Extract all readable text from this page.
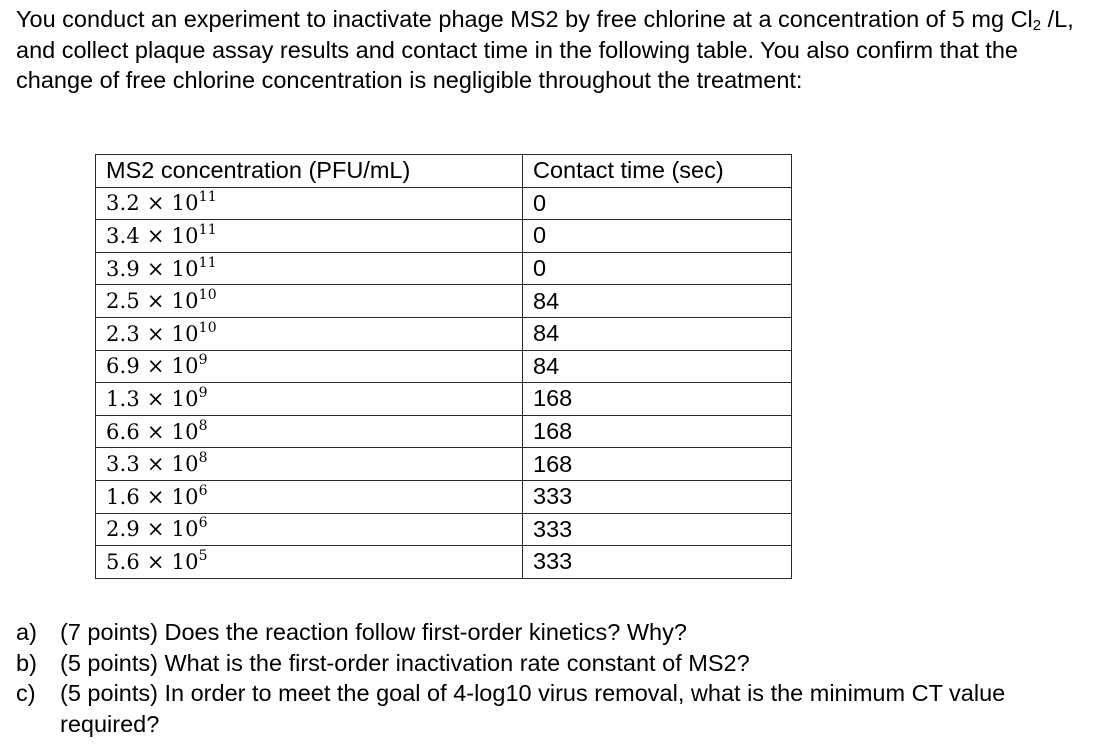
You conduct an experiment to inactivate phage MS2 by free chlorine at a concentration of 5 mg $Cl_2$ /L, and collect plaque assay results and contact time in the following table. You also confirm that the change of free chlorine concentration is negligible throughout the treatment:

MS2 concentration (PFU/mL)	Contact time (sec)
$3.2 \times 10^{11}$	0
$3.4 \times 10^{11}$	0
$3.9 \times 10^{11}$	0
$2.5 \times 10^{10}$	84
$2.3 \times 10^{10}$	84
$6.9 \times 10^9$	84
$1.3 \times 10^9$	168
$6.6 \times 10^8$	168
$3.3 \times 10^8$	168
$1.6 \times 10^6$	333
$2.9 \times 10^6$	333
$5.6 \times 10^5$	333
a) (7 points) Does the reaction follow first-order kinetics? Why?
b) (5 points) What is the first-order inactivation rate constant of MS2?
c)	(5 points) In order to meet the goal of 4-log10 virus removal, what is the minimum CT value required?
